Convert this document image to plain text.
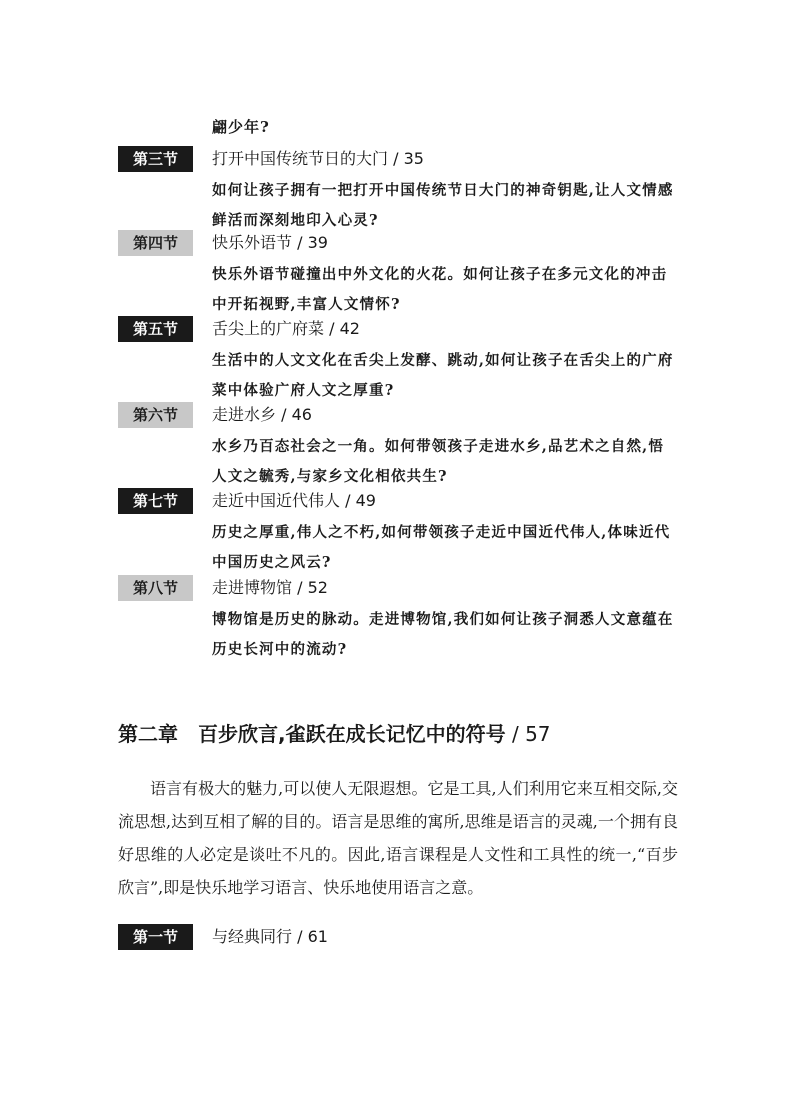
翩少年?
第三节	打开中国传统节日的大门 / 35
如何让孩子拥有一把打开中国传统节日大门的神奇钥匙,让人文情感鲜活而深刻地印入心灵?
第四节	快乐外语节 / 39
快乐外语节碰撞出中外文化的火花。如何让孩子在多元文化的冲击中开拓视野,丰富人文情怀?
第五节	舌尖上的广府菜 / 42
生活中的人文文化在舌尖上发酵、跳动,如何让孩子在舌尖上的广府菜中体验广府人文之厚重?
第六节	走进水乡 / 46
水乡乃百态社会之一角。如何带领孩子走进水乡,品艺术之自然,悟人文之毓秀,与家乡文化相依共生?
第七节	走近中国近代伟人 / 49
历史之厚重,伟人之不朽,如何带领孩子走近中国近代伟人,体味近代中国历史之风云?
第八节	走进博物馆 / 52
博物馆是历史的脉动。走进博物馆,我们如何让孩子洞悉人文意蕴在历史长河中的流动?
第二章　百步欣言,雀跃在成长记忆中的符号 / 57
语言有极大的魅力,可以使人无限遐想。它是工具,人们利用它来互相交际,交流思想,达到互相了解的目的。语言是思维的寓所,思维是语言的灵魂,一个拥有良好思维的人必定是谈吐不凡的。因此,语言课程是人文性和工具性的统一,“百步欣言”,即是快乐地学习语言、快乐地使用语言之意。
第一节	与经典同行 / 61
